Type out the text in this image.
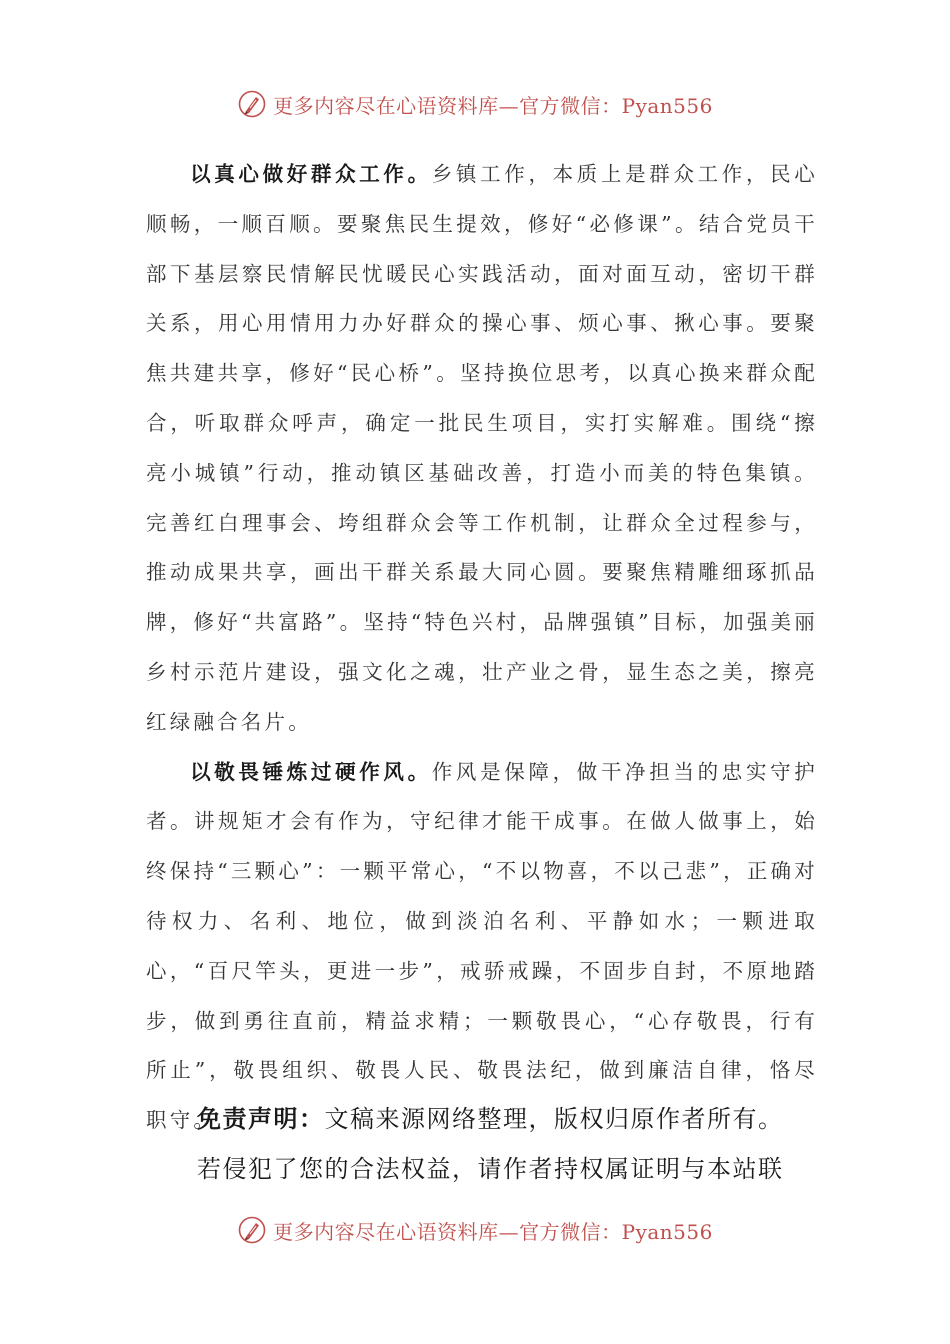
更多内容尽在心语资料库—官方微信：Pyan556

以真心做好群众工作。乡镇工作，本质上是群众工作，民心顺畅，一顺百顺。要聚焦民生提效，修好“必修课”。结合党员干部下基层察民情解民忧暖民心实践活动，面对面互动，密切干群关系，用心用情用力办好群众的操心事、烦心事、揪心事。要聚焦共建共享，修好“民心桥”。坚持换位思考，以真心换来群众配合，听取群众呼声，确定一批民生项目，实打实解难。围绕“擦亮小城镇”行动，推动镇区基础改善，打造小而美的特色集镇。完善红白理事会、垮组群众会等工作机制，让群众全过程参与，推动成果共享，画出干群关系最大同心圆。要聚焦精雕细琢抓品牌，修好“共富路”。坚持“特色兴村，品牌强镇”目标，加强美丽乡村示范片建设，强文化之魂，壮产业之骨，显生态之美，擦亮红绿融合名片。

以敬畏锤炼过硬作风。作风是保障，做干净担当的忠实守护者。讲规矩才会有作为，守纪律才能干成事。在做人做事上，始终保持“三颗心”：一颗平常心，“不以物喜，不以己悲”，正确对待权力、名利、地位，做到淡泊名利、平静如水；一颗进取心，“百尺竿头，更进一步”，戒骄戒躁，不固步自封，不原地踏步，做到勇往直前，精益求精；一颗敬畏心，“心存敬畏，行有所止”，敬畏组织、敬畏人民、敬畏法纪，做到廉洁自律，恪尽职守。

免责声明：文稿来源网络整理，版权归原作者所有。

若侵犯了您的合法权益，请作者持权属证明与本站联

更多内容尽在心语资料库—官方微信：Pyan556
